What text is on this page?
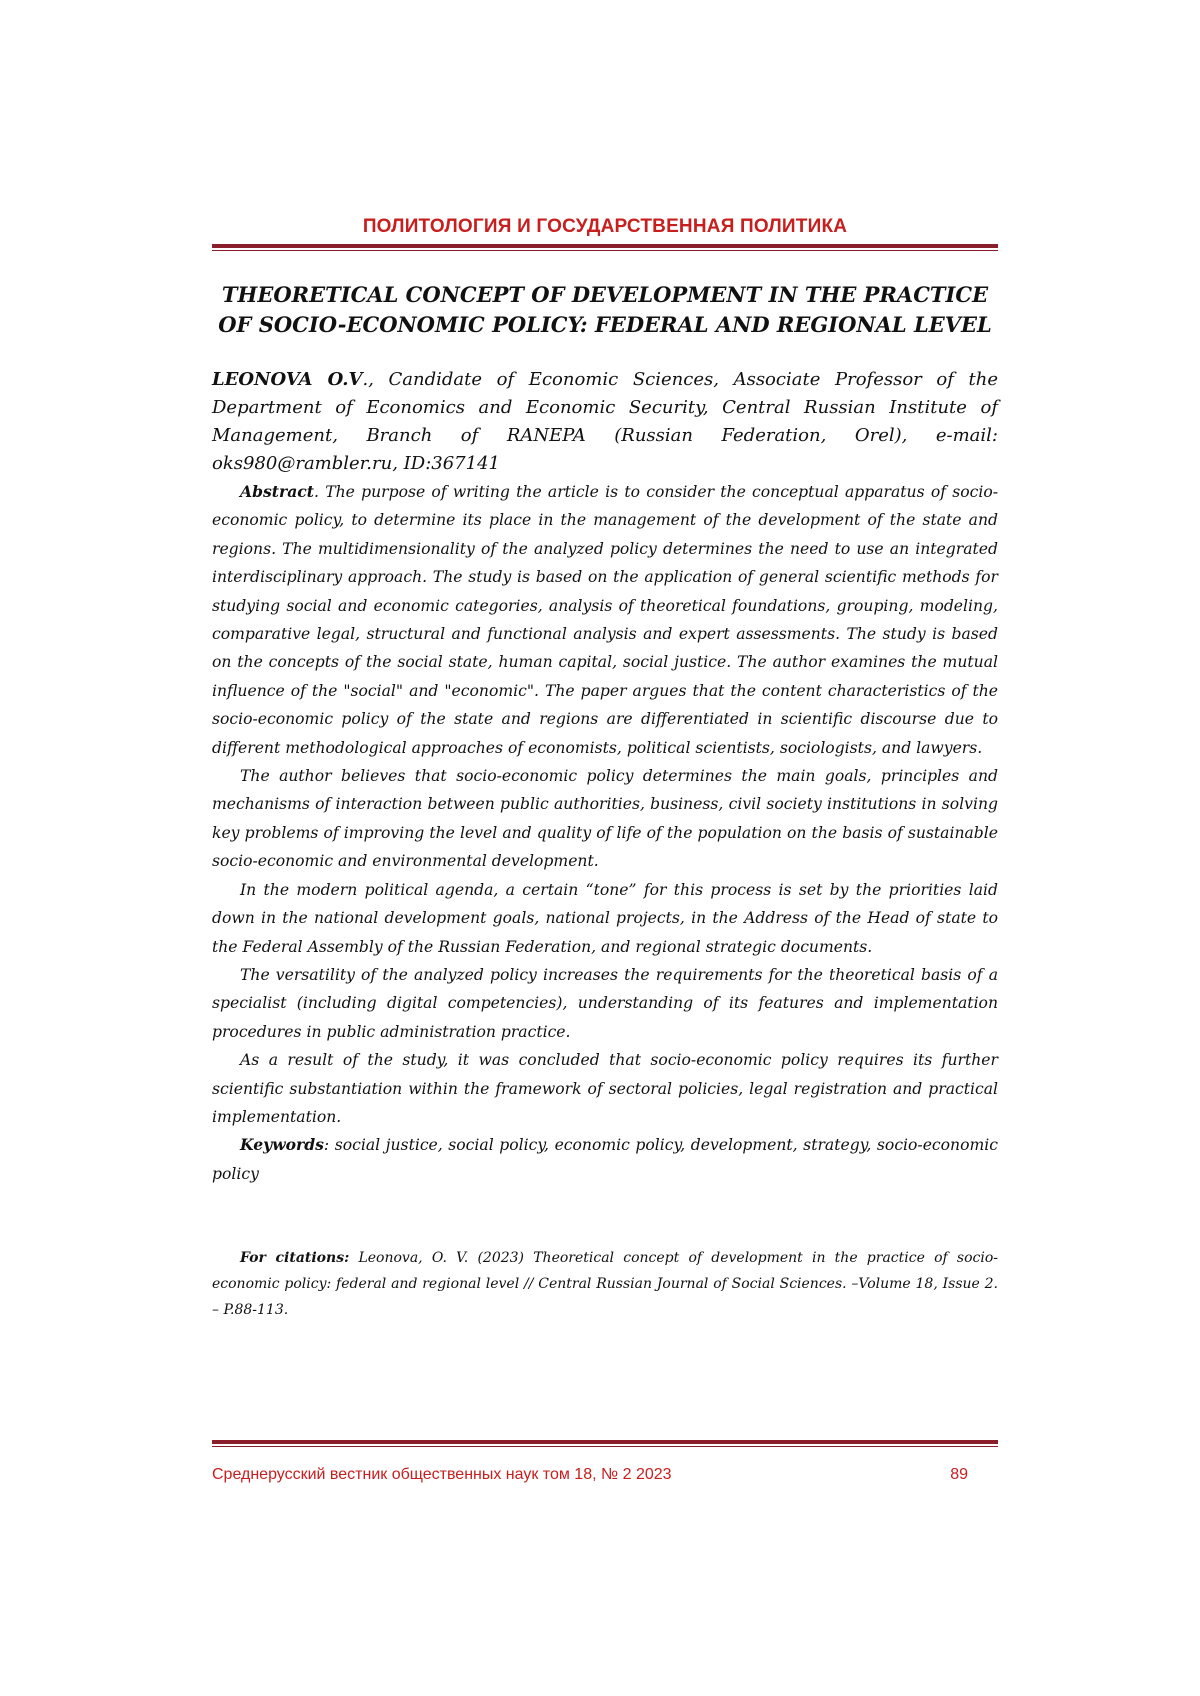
ПОЛИТОЛОГИЯ И ГОСУДАРСТВЕННАЯ ПОЛИТИКА
THEORETICAL CONCEPT OF DEVELOPMENT IN THE PRACTICE OF SOCIO-ECONOMIC POLICY: FEDERAL AND REGIONAL LEVEL

LEONOVA O.V., Candidate of Economic Sciences, Associate Professor of the Department of Economics and Economic Security, Central Russian Institute of Management, Branch of RANEPA (Russian Federation, Orel), e-mail: oks980@rambler.ru, ID:367141

Abstract. The purpose of writing the article is to consider the conceptual apparatus of socio-economic policy, to determine its place in the management of the development of the state and regions. The multidimensionality of the analyzed policy determines the need to use an integrated interdisciplinary approach. The study is based on the application of general scientific methods for studying social and economic categories, analysis of theoretical foundations, grouping, modeling, comparative legal, structural and functional analysis and expert assessments. The study is based on the concepts of the social state, human capital, social justice. The author examines the mutual influence of the "social" and "economic". The paper argues that the content characteristics of the socio-economic policy of the state and regions are differentiated in scientific discourse due to different methodological approaches of economists, political scientists, sociologists, and lawyers.

The author believes that socio-economic policy determines the main goals, principles and mechanisms of interaction between public authorities, business, civil society institutions in solving key problems of improving the level and quality of life of the population on the basis of sustainable socio-economic and environmental development.

In the modern political agenda, a certain “tone” for this process is set by the priorities laid down in the national development goals, national projects, in the Address of the Head of state to the Federal Assembly of the Russian Federation, and regional strategic documents.

The versatility of the analyzed policy increases the requirements for the theoretical basis of a specialist (including digital competencies), understanding of its features and implementation procedures in public administration practice.

As a result of the study, it was concluded that socio-economic policy requires its further scientific substantiation within the framework of sectoral policies, legal registration and practical implementation.

Keywords: social justice, social policy, economic policy, development, strategy, socio-economic policy

For citations: Leonova, O. V. (2023) Theoretical concept of development in the practice of socio-economic policy: federal and regional level // Central Russian Journal of Social Sciences. –Volume 18, Issue 2. – P.88-113.

Среднерусский вестник общественных наук том 18, № 2 2023	89
